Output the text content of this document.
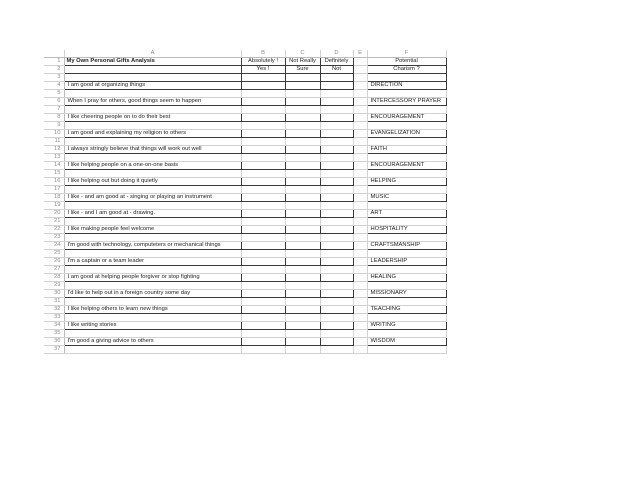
	A	B	C	D	E	F
1	My Own Personal Gifts Analysis	Absolutely !	Not Really	Definitely		Potential
2		Yes !	Sure	Not		Charism ?
3						
4	I am good at organizing things					DIRECTION
5						
6	When I pray for others, good things seem to happen					INTERCESSORY PRAYER
7						
8	I like cheering people on to do their best					ENCOURAGEMENT
9						
10	I am good and explaining my religion to others					EVANGELIZATION
11						
12	I always stringly believe that things will work out well					FAITH
13						
14	I like helping people on a one-on-one basis					ENCOURAGEMENT
15						
16	I like helping out but doing it quietly					HELPING
17						
18	I like - and am good at - singing or playing an instrument					MUSIC
19						
20	I like - and I am good at - drawing.					ART
21						
22	I like making people feel welcome					HOSPITALITY
23						
24	I'm good with technology, computeters or mechanical things					CRAFTSMANSHIP
25						
26	I'm a captain or a team leader					LEADERSHIP
27						
28	I am good at helping people forgiver or stop fighting					HEALING
29						
30	I'd like to help out in a foreign country some day					MISSIONARY
31						
32	I like helping others to learn new things					TEACHING
33						
34	I like writing stories					WRITING
35						
36	I'm good a giving advice to others					WISDOM
37						
